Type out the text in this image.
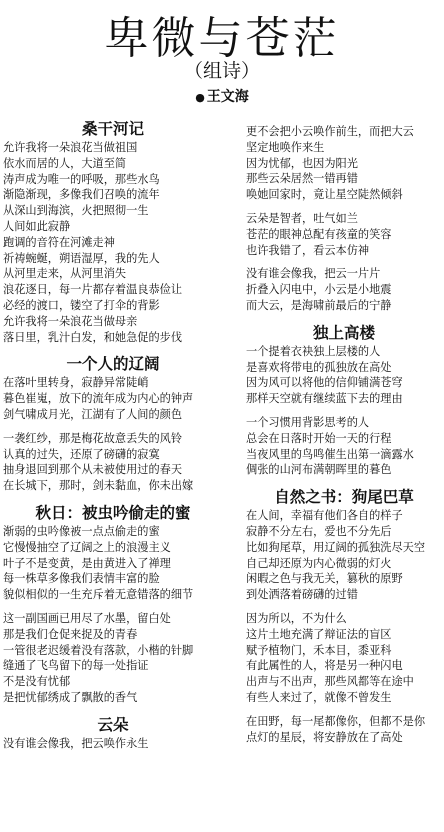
卑微与苍茫
（组诗）
● 王文海
桑干河记
允许我将一朵浪花当做祖国
依水而居的人，大道至简
涛声成为唯一的呼吸，那些水鸟
渐隐渐现，多像我们召唤的流年
从深山到海滨，火把照彻一生
人间如此寂静
跑调的音符在河滩走神
祈祷蜿蜒，朔语湿厚，我的先人
从河里走来，从河里消失
浪花逐日，每一片都存着温良恭俭让
必经的渡口，镂空了打伞的背影
允许我将一朵浪花当做母亲
落日里，乳汁白发，和她急促的步伐
一个人的辽阔
在落叶里转身，寂静异常陡峭
暮色崔嵬，放下的流年成为内心的钟声
剑气啸成月光，江湖有了人间的颜色
一袭红纱，那是梅花故意丢失的风铃
认真的过失，还原了磅礴的寂寞
抽身退回到那个从未被使用过的春天
在长城下，那时，剑未黏血，你未出嫁
秋日：被虫吟偷走的蜜
渐弱的虫吟像被一点点偷走的蜜
它慢慢抽空了辽阔之上的浪漫主义
叶子不是变黄，是由黄进入了禅理
每一株草多像我们表情丰富的脸
貌似相似的一生充斥着无意错落的细节
这一副国画已用尽了水墨，留白处
那是我们仓促来捉及的青春
一管很老迟缓着没有落款，小楷的针脚
缝通了飞鸟留下的每一处指证
不是没有忧郁
是把忧郁绣成了飘散的香气
云朵
没有谁会像我，把云唤作永生
更不会把小云唤作前生，而把大云
坚定地唤作来生
因为忧郁，也因为阳光
那些云朵居然一错再错
唤她回家时，竟让星空陡然倾斜
云朵是智者，吐气如兰
苍茫的眼神总配有孩童的笑容
也许我错了，看云本仿神
没有谁会像我，把云一片片
折叠入闪电中，小云是小地震
而大云，是海啸前最后的宁静
独上高楼
一个提着衣袂独上层楼的人
是喜欢将带电的孤独放在高处
因为风可以将他的信仰铺满苍穹
那样天空就有继续蓝下去的理由
一个习惯用背影思考的人
总会在日落时开始一天的行程
当夜风里的鸟鸣催生出第一滴露水
倜张的山河布满朝晖里的暮色
自然之书：狗尾巴草
在人间，幸福有他们各自的样子
寂静不分左右，爱也不分先后
比如狗尾草，用辽阔的孤独洗尽天空
自己却还原为内心微弱的灯火
闲暇之色与我无关，篡秋的原野
到处洒落着磅礴的过错
因为所以，不为什么
这片土地充满了辩证法的盲区
赋予植物门，禾本目，黍亚科
有此属性的人，将是另一种闪电
出声与不出声，那些风都等在途中
有些人来过了，就像不曾发生
在田野，每一尾都像你，但都不是你
点灯的星辰，将安静放在了高处
